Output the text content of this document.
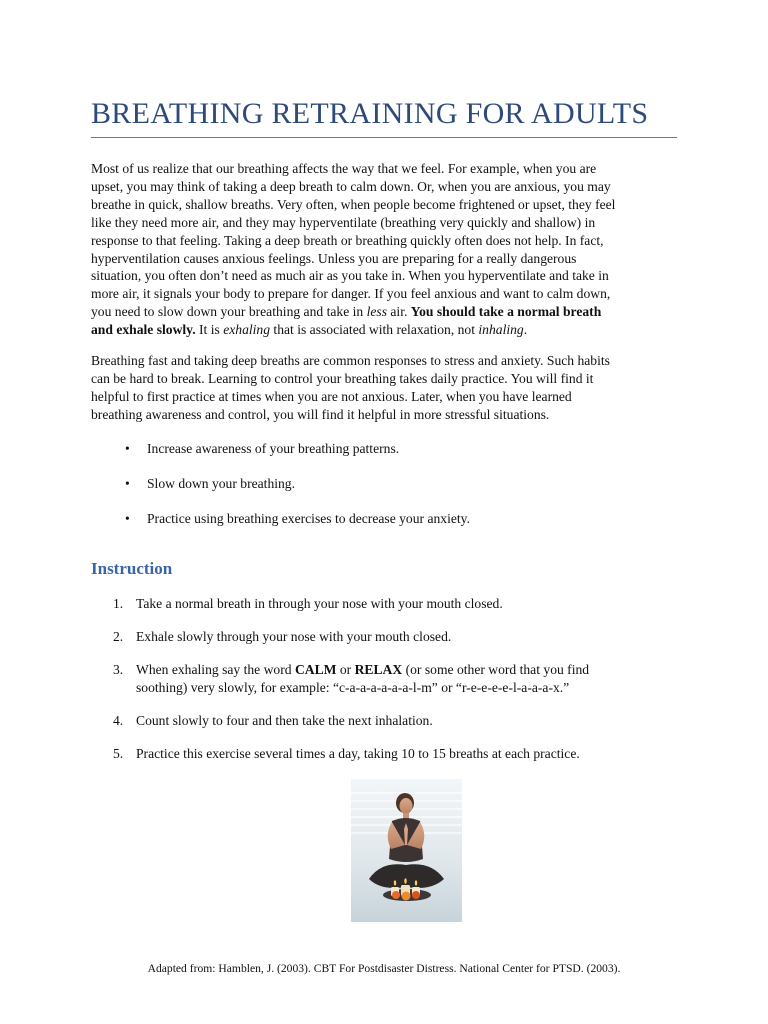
BREATHING RETRAINING FOR ADULTS
Most of us realize that our breathing affects the way that we feel. For example, when you are
upset, you may think of taking a deep breath to calm down. Or, when you are anxious, you may
breathe in quick, shallow breaths. Very often, when people become frightened or upset, they feel
like they need more air, and they may hyperventilate (breathing very quickly and shallow) in
response to that feeling. Taking a deep breath or breathing quickly often does not help. In fact,
hyperventilation causes anxious feelings. Unless you are preparing for a really dangerous
situation, you often don’t need as much air as you take in. When you hyperventilate and take in
more air, it signals your body to prepare for danger. If you feel anxious and want to calm down,
you need to slow down your breathing and take in less air. You should take a normal breath
and exhale slowly. It is exhaling that is associated with relaxation, not inhaling.
Breathing fast and taking deep breaths are common responses to stress and anxiety. Such habits
can be hard to break. Learning to control your breathing takes daily practice. You will find it
helpful to first practice at times when you are not anxious. Later, when you have learned
breathing awareness and control, you will find it helpful in more stressful situations.
• Increase awareness of your breathing patterns.
• Slow down your breathing.
• Practice using breathing exercises to decrease your anxiety.
Instruction
1. Take a normal breath in through your nose with your mouth closed.
2. Exhale slowly through your nose with your mouth closed.
3. When exhaling say the word CALM or RELAX (or some other word that you find
soothing) very slowly, for example: “c-a-a-a-a-a-a-l-m” or “r-e-e-e-e-l-a-a-a-x.”
4. Count slowly to four and then take the next inhalation.
5. Practice this exercise several times a day, taking 10 to 15 breaths at each practice.
Adapted from: Hamblen, J. (2003). CBT For Postdisaster Distress. National Center for PTSD. (2003).
